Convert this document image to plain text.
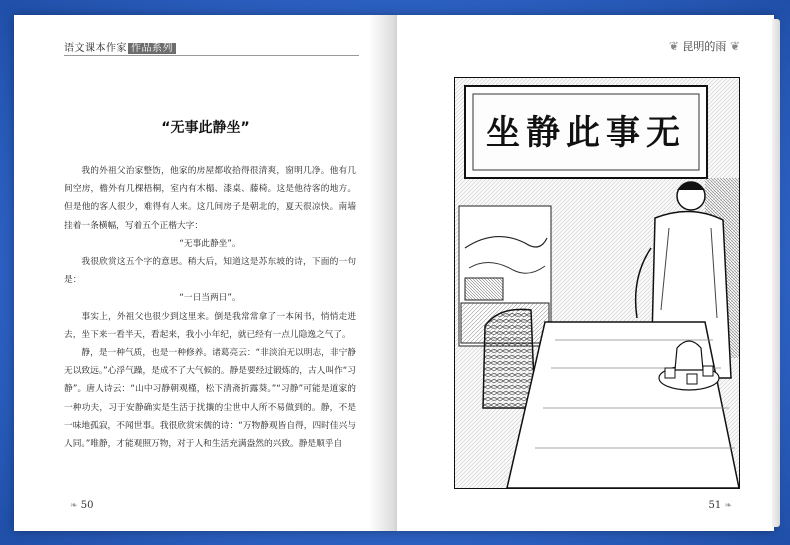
语文课本作家 作品系列
“无事此静坐”

我的外祖父治家整饬，他家的房屋都收拾得很清爽，窗明几净。他有几间空房，檐外有几棵梧桐，室内有木榻、漆桌、藤椅。这是他待客的地方。但是他的客人很少，难得有人来。这几间房子是朝北的，夏天很凉快。南墙挂着一条横幅，写着五个正楷大字：

“无事此静坐”。

我很欣赏这五个字的意思。稍大后，知道这是苏东坡的诗，下面的一句是：

“一日当两日”。

事实上，外祖父也很少到这里来。倒是我常常拿了一本闲书，悄悄走进去，坐下来一看半天，看起来，我小小年纪，就已经有一点儿隐逸之气了。

静，是一种气质，也是一种修养。诸葛亮云：“非淡泊无以明志，非宁静无以致远。”心浮气躁，是成不了大气候的。静是要经过锻炼的，古人叫作“习静”。唐人诗云：“山中习静朝观槿，松下清斋折露葵。”“习静”可能是道家的一种功夫，习于安静确实是生活于扰攘的尘世中人所不易做到的。静，不是一味地孤寂，不闻世事。我很欣赏宋儒的诗：“万物静观皆自得，四时佳兴与人同。”唯静，才能观照万物，对于人和生活充满盎然的兴致。静是顺乎自

❧ 50
❦ 昆明的雨 ❦
坐静此事无
51 ❧
